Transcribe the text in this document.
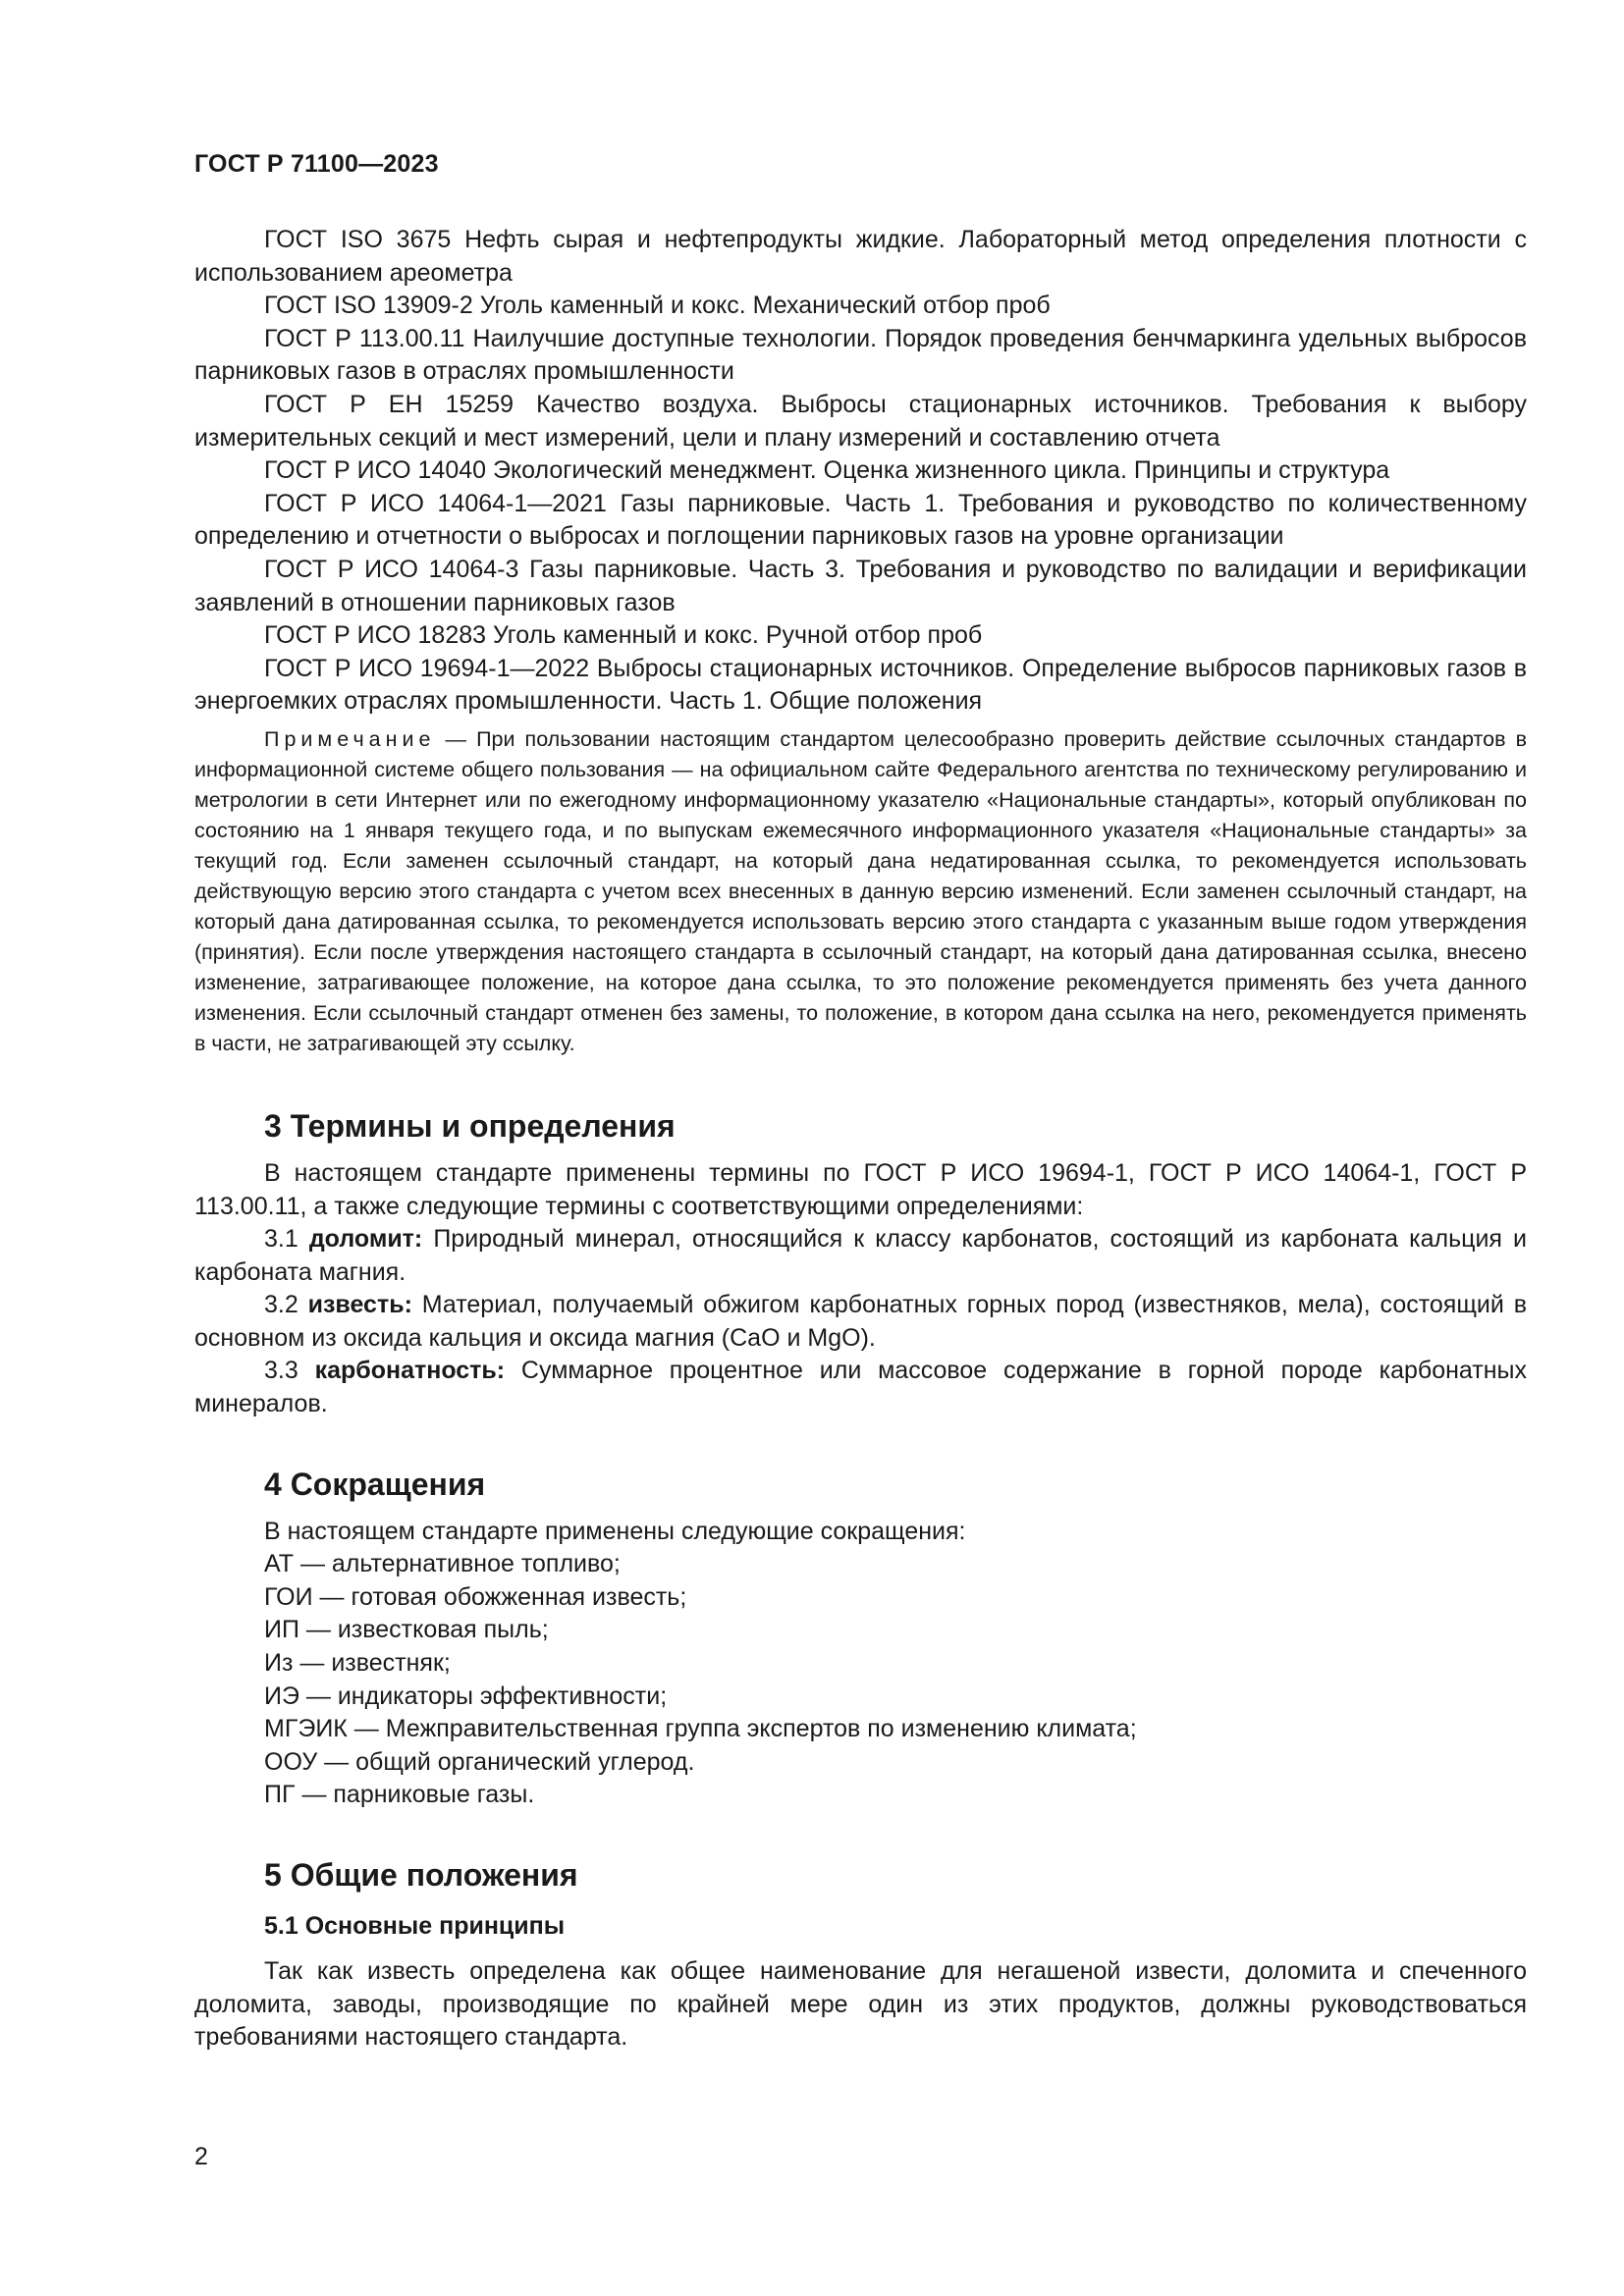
ГОСТ Р 71100—2023

ГОСТ ISO 3675 Нефть сырая и нефтепродукты жидкие. Лабораторный метод определения плотности с использованием ареометра

ГОСТ ISO 13909-2 Уголь каменный и кокс. Механический отбор проб

ГОСТ Р 113.00.11 Наилучшие доступные технологии. Порядок проведения бенчмаркинга удельных выбросов парниковых газов в отраслях промышленности

ГОСТ Р ЕН 15259 Качество воздуха. Выбросы стационарных источников. Требования к выбору измерительных секций и мест измерений, цели и плану измерений и составлению отчета

ГОСТ Р ИСО 14040 Экологический менеджмент. Оценка жизненного цикла. Принципы и структура

ГОСТ Р ИСО 14064-1—2021 Газы парниковые. Часть 1. Требования и руководство по количественному определению и отчетности о выбросах и поглощении парниковых газов на уровне организации

ГОСТ Р ИСО 14064-3 Газы парниковые. Часть 3. Требования и руководство по валидации и верификации заявлений в отношении парниковых газов

ГОСТ Р ИСО 18283 Уголь каменный и кокс. Ручной отбор проб

ГОСТ Р ИСО 19694-1—2022 Выбросы стационарных источников. Определение выбросов парниковых газов в энергоемких отраслях промышленности. Часть 1. Общие положения

Примечание — При пользовании настоящим стандартом целесообразно проверить действие ссылочных стандартов в информационной системе общего пользования — на официальном сайте Федерального агентства по техническому регулированию и метрологии в сети Интернет или по ежегодному информационному указателю «Национальные стандарты», который опубликован по состоянию на 1 января текущего года, и по выпускам ежемесячного информационного указателя «Национальные стандарты» за текущий год. Если заменен ссылочный стандарт, на который дана недатированная ссылка, то рекомендуется использовать действующую версию этого стандарта с учетом всех внесенных в данную версию изменений. Если заменен ссылочный стандарт, на который дана датированная ссылка, то рекомендуется использовать версию этого стандарта с указанным выше годом утверждения (принятия). Если после утверждения настоящего стандарта в ссылочный стандарт, на который дана датированная ссылка, внесено изменение, затрагивающее положение, на которое дана ссылка, то это положение рекомендуется применять без учета данного изменения. Если ссылочный стандарт отменен без замены, то положение, в котором дана ссылка на него, рекомендуется применять в части, не затрагивающей эту ссылку.

3 Термины и определения

В настоящем стандарте применены термины по ГОСТ Р ИСО 19694-1, ГОСТ Р ИСО 14064-1, ГОСТ Р 113.00.11, а также следующие термины с соответствующими определениями:

3.1 доломит: Природный минерал, относящийся к классу карбонатов, состоящий из карбоната кальция и карбоната магния.

3.2 известь: Материал, получаемый обжигом карбонатных горных пород (известняков, мела), состоящий в основном из оксида кальция и оксида магния (CaO и MgO).

3.3 карбонатность: Суммарное процентное или массовое содержание в горной породе карбонатных минералов.

4 Сокращения

В настоящем стандарте применены следующие сокращения:

АТ — альтернативное топливо;

ГОИ — готовая обожженная известь;

ИП — известковая пыль;

Из — известняк;

ИЭ — индикаторы эффективности;

МГЭИК — Межправительственная группа экспертов по изменению климата;

ООУ — общий органический углерод.

ПГ — парниковые газы.

5 Общие положения
5.1 Основные принципы

Так как известь определена как общее наименование для негашеной извести, доломита и спеченного доломита, заводы, производящие по крайней мере один из этих продуктов, должны руководствоваться требованиями настоящего стандарта.

2
